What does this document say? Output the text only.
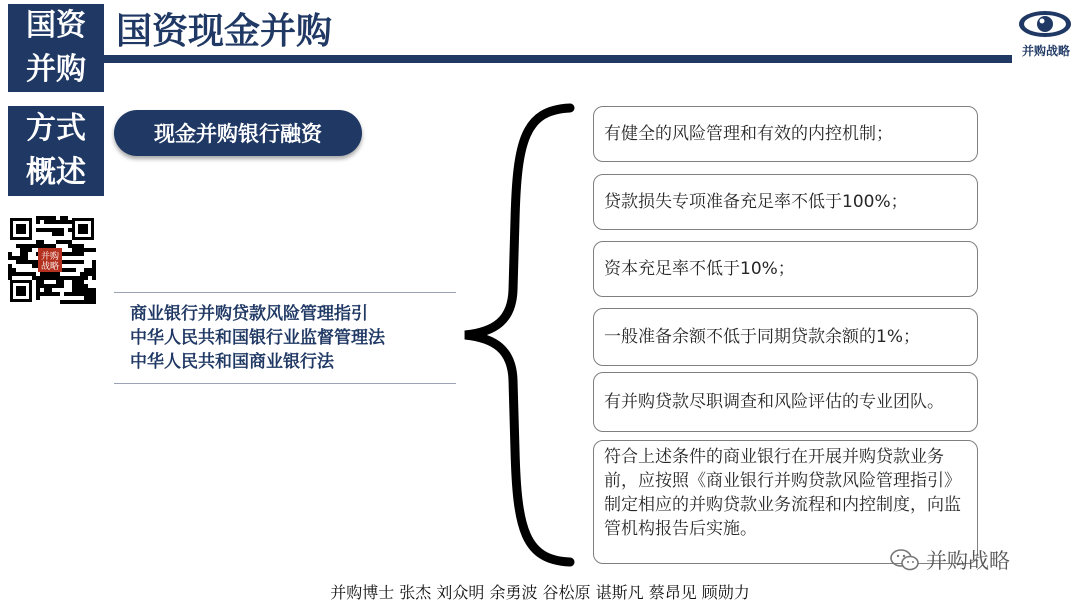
国资并购
方式概述
国资现金并购	并购战略
现金并购银行融资
并购
战略
商业银行并购贷款风险管理指引
中华人民共和国银行业监督管理法
中华人民共和国商业银行法
有健全的风险管理和有效的内控机制；
贷款损失专项准备充足率不低于100%；
资本充足率不低于10%；
一般准备余额不低于同期贷款余额的1%；
有并购贷款尽职调查和风险评估的专业团队。
符合上述条件的商业银行在开展并购贷款业务前，应按照《商业银行并购贷款风险管理指引》制定相应的并购贷款业务流程和内控制度，向监管机构报告后实施。
并购战略
并购博士 张杰 刘众明 余勇波 谷松原 谌斯凡 蔡昂见 顾勋力
